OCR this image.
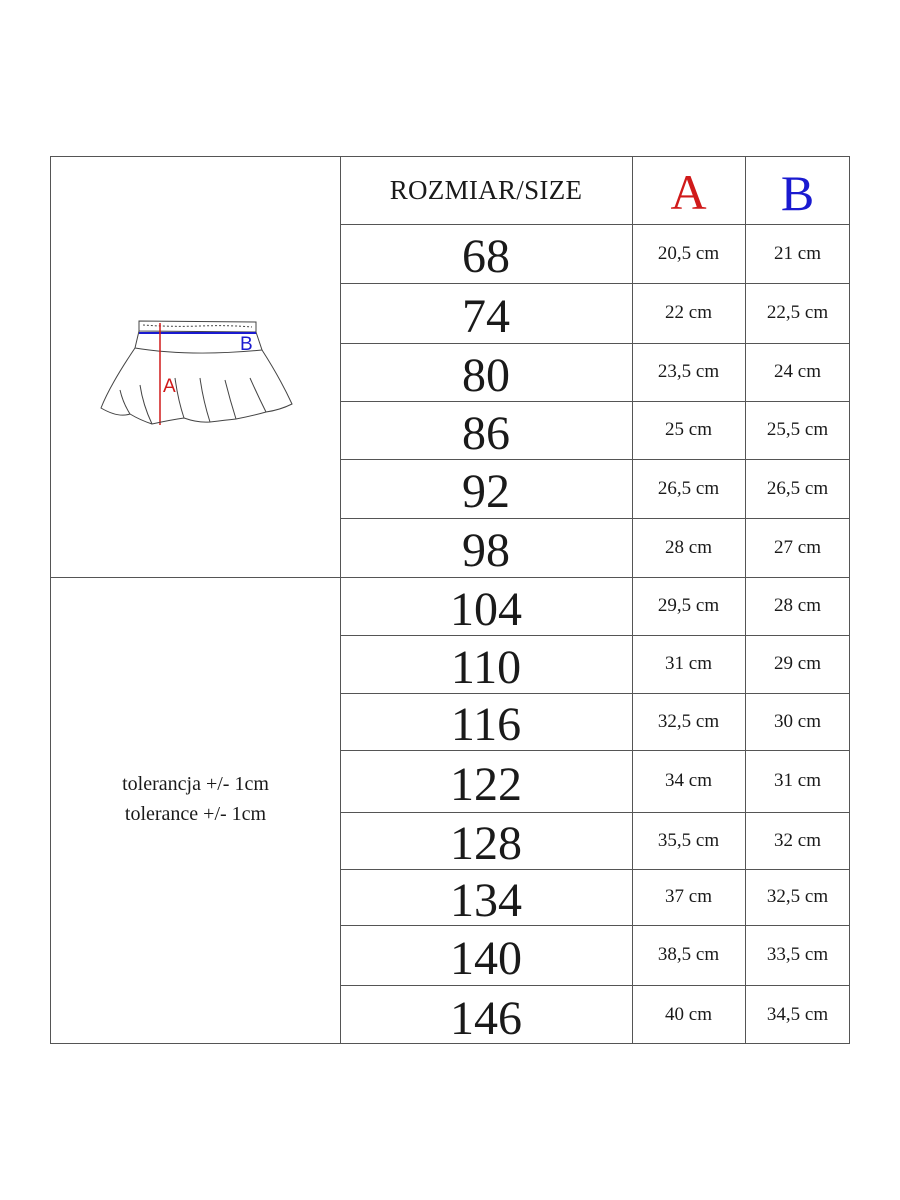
ROZMIAR/SIZE	A	B
68	20,5 cm	21 cm
74	22 cm	22,5 cm
80	23,5 cm	24 cm
86	25 cm	25,5 cm
92	26,5 cm	26,5 cm
98	28 cm	27 cm
104	29,5 cm	28 cm
110	31 cm	29 cm
116	32,5 cm	30 cm
122	34 cm	31 cm
128	35,5 cm	32 cm
134	37 cm	32,5 cm
140	38,5 cm	33,5 cm
146	40 cm	34,5 cm
tolerancja +/- 1cm
tolerance +/- 1cm
B
A
